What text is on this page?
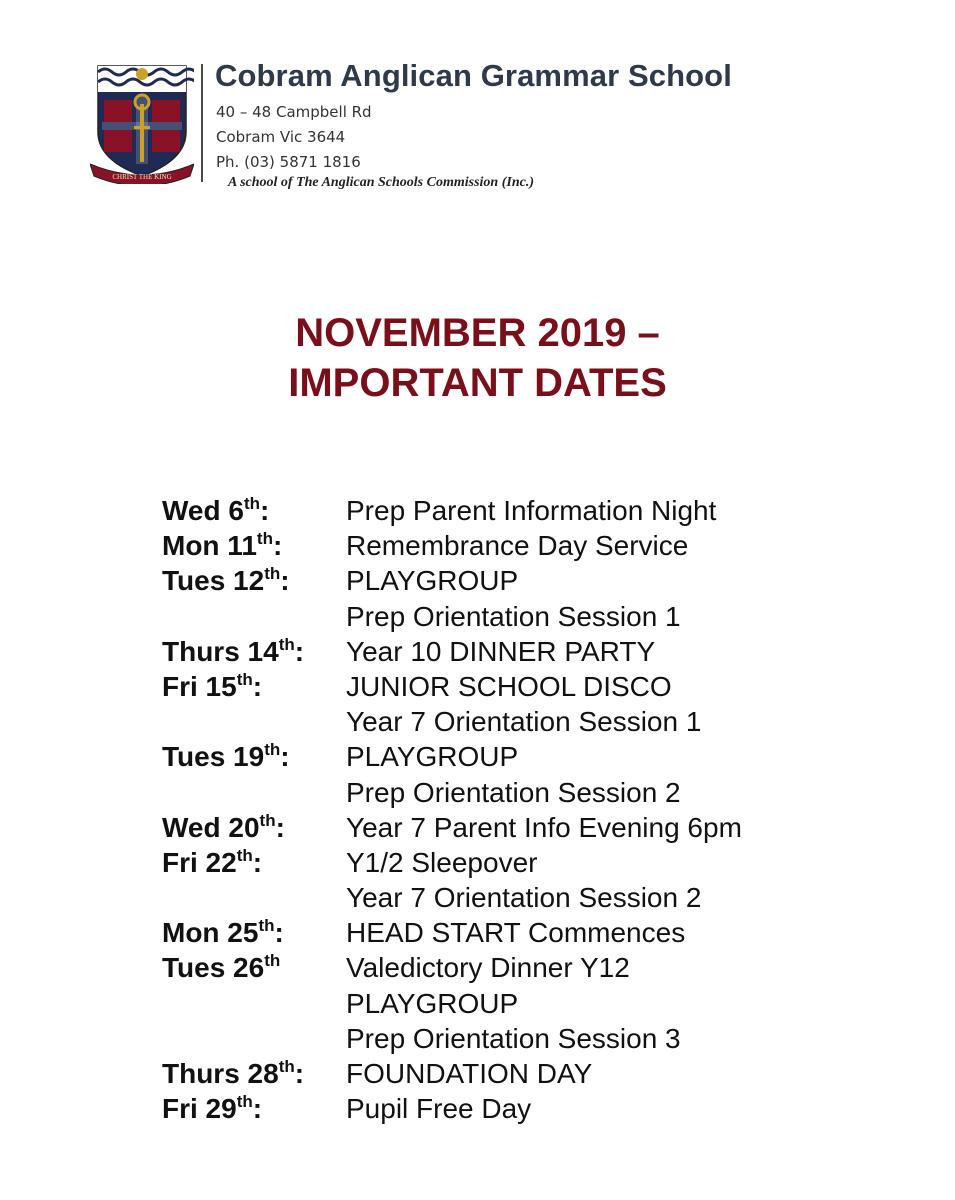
CHRIST THE KING
Cobram Anglican Grammar School
40 – 48 Campbell Rd
Cobram Vic 3644
Ph. (03) 5871 1816
A school of The Anglican Schools Commission (Inc.)
NOVEMBER 2019 –
IMPORTANT DATES
Wed 6th:	Prep Parent Information Night
Mon 11th: Remembrance Day Service
Tues 12th: PLAYGROUP
Prep Orientation Session 1
Thurs 14th: Year 10 DINNER PARTY
Fri 15th:	JUNIOR SCHOOL DISCO
Year 7 Orientation Session 1
Tues 19th: PLAYGROUP
Prep Orientation Session 2
Wed 20th: Year 7 Parent Info Evening 6pm
Fri 22th:	Y1/2 Sleepover
Year 7 Orientation Session 2
Mon 25th: HEAD START Commences
Tues 26th Valedictory Dinner Y12
PLAYGROUP
Prep Orientation Session 3
Thurs 28th: FOUNDATION DAY
Fri 29th:	Pupil Free Day
